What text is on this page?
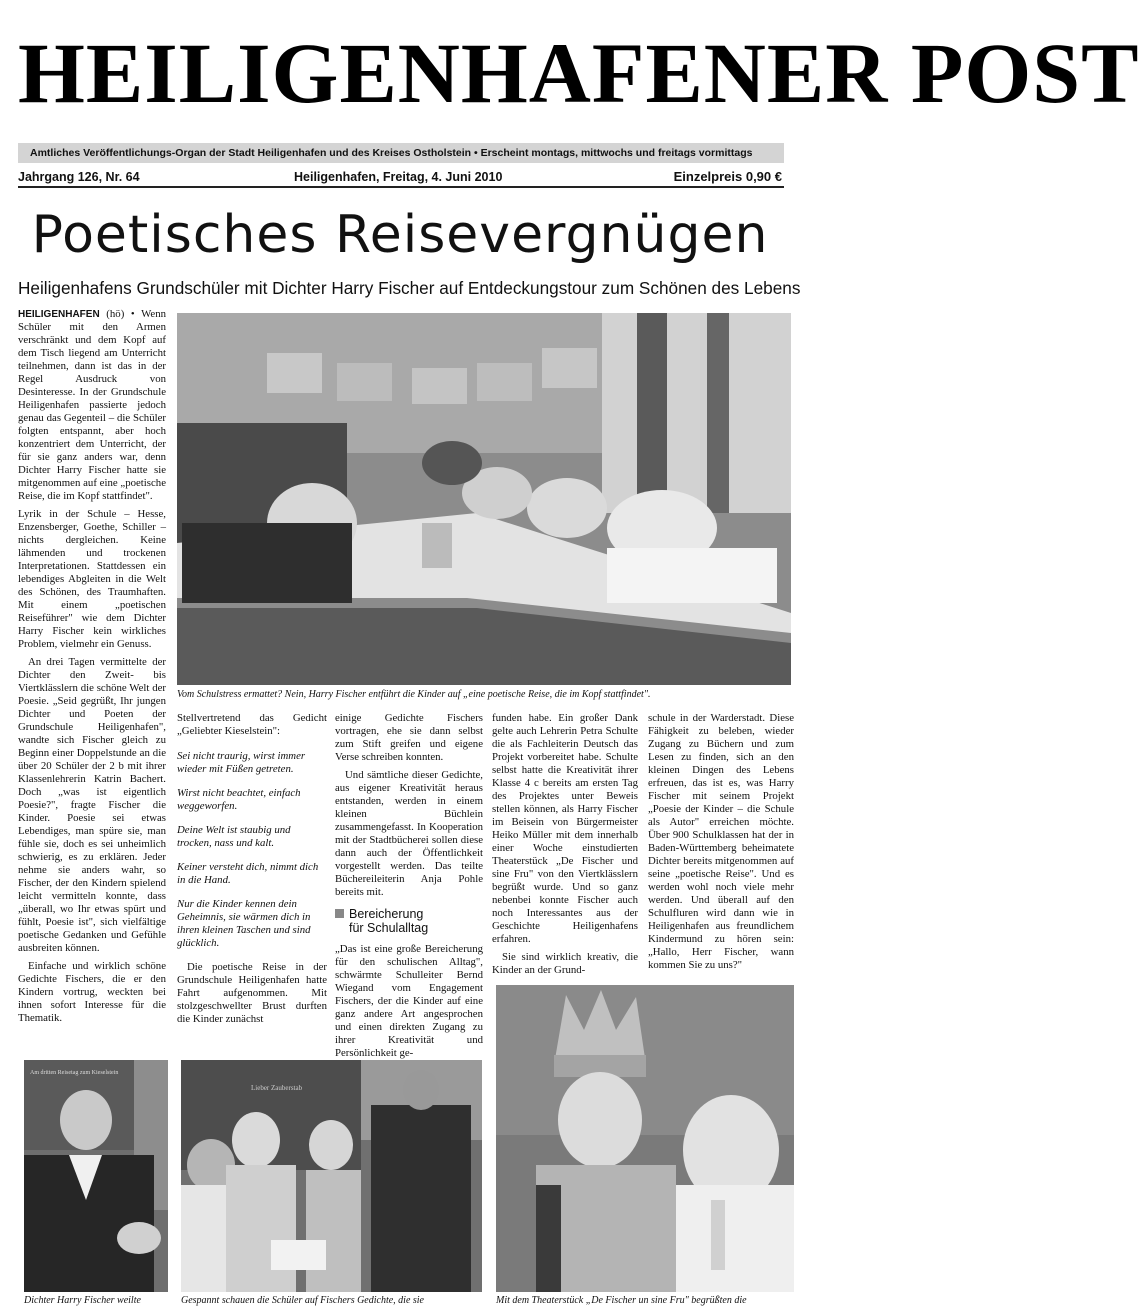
HEILIGENHAFENER POST
Amtliches Veröffentlichungs-Organ der Stadt Heiligenhafen und des Kreises Ostholstein • Erscheint montags, mittwochs und freitags vormittags
Jahrgang 126, Nr. 64	Heiligenhafen, Freitag, 4. Juni 2010	Einzelpreis 0,90 €
Poetisches Reisevergnügen
Heiligenhafens Grundschüler mit Dichter Harry Fischer auf Entdeckungstour zum Schönen des Lebens

HEILIGENHAFEN (hö) • Wenn Schüler mit den Armen verschränkt und dem Kopf auf dem Tisch liegend am Unterricht teilnehmen, dann ist das in der Regel Ausdruck von Desinteresse. In der Grundschule Heiligenhafen passierte jedoch genau das Gegenteil – die Schüler folgten entspannt, aber hoch konzentriert dem Unterricht, der für sie ganz anders war, denn Dichter Harry Fischer hatte sie mitgenommen auf eine „poetische Reise, die im Kopf stattfindet".

Lyrik in der Schule – Hesse, Enzensberger, Goethe, Schiller – nichts dergleichen. Keine lähmenden und trockenen Interpretationen. Stattdessen ein lebendiges Abgleiten in die Welt des Schönen, des Traumhaften. Mit einem „poetischen Reiseführer" wie dem Dichter Harry Fischer kein wirkliches Problem, vielmehr ein Genuss.

An drei Tagen vermittelte der Dichter den Zweit- bis Viertklässlern die schöne Welt der Poesie. „Seid gegrüßt, Ihr jungen Dichter und Poeten der Grundschule Heiligenhafen", wandte sich Fischer gleich zu Beginn einer Doppelstunde an die über 20 Schüler der 2 b mit ihrer Klassenlehrerin Katrin Bachert. Doch „was ist eigentlich Poesie?", fragte Fischer die Kinder. Poesie sei etwas Lebendiges, man spüre sie, man fühle sie, doch es sei unheimlich schwierig, es zu erklären. Jeder nehme sie anders wahr, so Fischer, der den Kindern spielend leicht vermitteln konnte, dass „überall, wo Ihr etwas spürt und fühlt, Poesie ist", sich vielfältige poetische Gedanken und Gefühle ausbreiten können.

Einfache und wirklich schöne Gedichte Fischers, die er den Kindern vortrug, weckten bei ihnen sofort Interesse für die Thematik.

Vom Schulstress ermattet? Nein, Harry Fischer entführt die Kinder auf „eine poetische Reise, die im Kopf stattfindet".

Stellvertretend das Gedicht „Geliebter Kieselstein":

Sei nicht traurig, wirst immer wieder mit Füßen getreten.

Wirst nicht beachtet, einfach weggeworfen.

Deine Welt ist staubig und trocken, nass und kalt.

Keiner versteht dich, nimmt dich in die Hand.

Nur die Kinder kennen dein Geheimnis, sie wärmen dich in ihren kleinen Taschen und sind glücklich.

Die poetische Reise in der Grundschule Heiligenhafen hatte Fahrt aufgenommen. Mit stolzgeschwellter Brust durften die Kinder zunächst

einige Gedichte Fischers vortragen, ehe sie dann selbst zum Stift greifen und eigene Verse schreiben konnten.

Und sämtliche dieser Gedichte, aus eigener Kreativität heraus entstanden, werden in einem kleinen Büchlein zusammengefasst. In Kooperation mit der Stadtbücherei sollen diese dann auch der Öffentlichkeit vorgestellt werden. Das teilte Büchereileiterin Anja Pohle bereits mit.

Bereicherung
für Schulalltag

„Das ist eine große Bereicherung für den schulischen Alltag", schwärmte Schulleiter Bernd Wiegand vom Engagement Fischers, der die Kinder auf eine ganz andere Art angesprochen und einen direkten Zugang zu ihrer Kreativität und Persönlichkeit ge-

funden habe. Ein großer Dank gelte auch Lehrerin Petra Schulte die als Fachleiterin Deutsch das Projekt vorbereitet habe. Schulte selbst hatte die Kreativität ihrer Klasse 4 c bereits am ersten Tag des Projektes unter Beweis stellen können, als Harry Fischer im Beisein von Bürgermeister Heiko Müller mit dem innerhalb einer Woche einstudierten Theaterstück „De Fischer und sine Fru" von den Viertklässlern begrüßt wurde. Und so ganz nebenbei konnte Fischer auch noch Interessantes aus der Geschichte Heiligenhafens erfahren.

Sie sind wirklich kreativ, die Kinder an der Grund-

schule in der Warderstadt. Diese Fähigkeit zu beleben, wieder Zugang zu Büchern und zum Lesen zu finden, sich an den kleinen Dingen des Lebens erfreuen, das ist es, was Harry Fischer mit seinem Projekt „Poesie der Kinder – die Schule als Autor" erreichen möchte. Über 900 Schulklassen hat der in Baden-Württemberg beheimatete Dichter bereits mitgenommen auf seine „poetische Reise". Und es werden wohl noch viele mehr werden. Und überall auf den Schulfluren wird dann wie in Heiligenhafen aus freundlichem Kindermund zu hören sein: „Hallo, Herr Fischer, wann kommen Sie zu uns?"

Am dritten Reisetag zum Kieselstein
Dichter Harry Fischer weilte
Lieber Zauberstab
Gespannt schauen die Schüler auf Fischers Gedichte, die sie	Mit dem Theaterstück „De Fischer un sine Fru" begrüßten die
